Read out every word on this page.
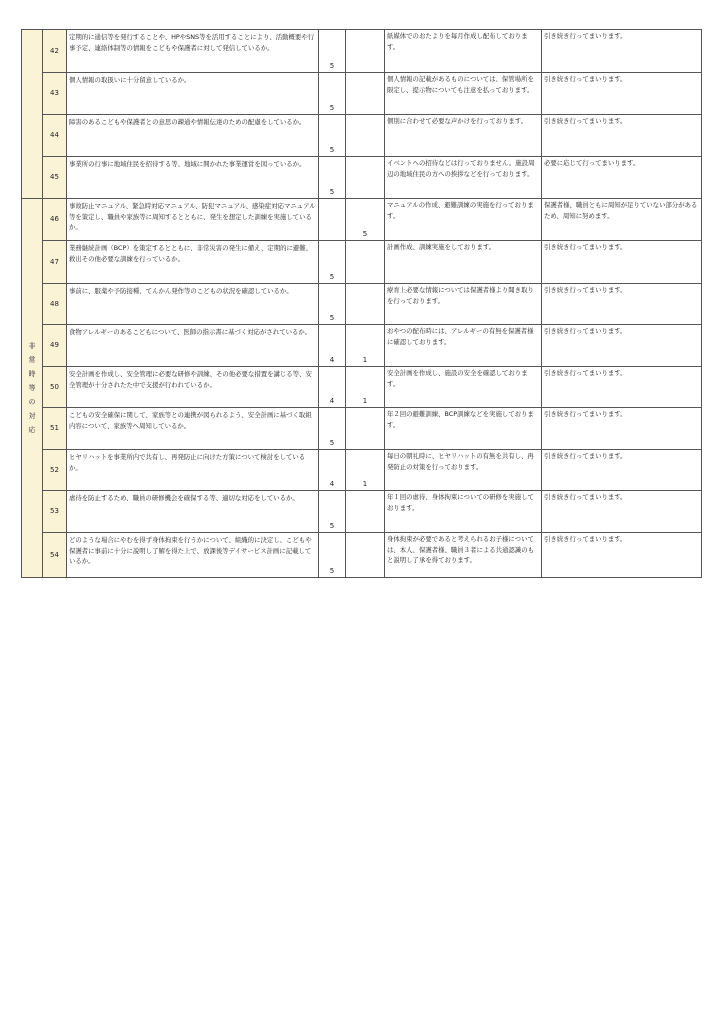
	42	定期的に通信等を発行することや、HPやSNS等を活用することにより、活動概要や行事予定、連絡体制等の情報をこどもや保護者に対して発信しているか。	5		紙媒体でのおたよりを毎月作成し配布しております。	引き続き行ってまいります。
	43	個人情報の取扱いに十分留意しているか。	5		個人情報の記載があるものについては、保管場所を限定し、提示物についても注意を払っております。	引き続き行ってまいります。
	44	障害のあるこどもや保護者との意思の疎通や情報伝達のための配慮をしているか。	5		個別に合わせて必要な声かけを行っております。	引き続き行ってまいります。
	45	事業所の行事に地域住民を招待する等、地域に開かれた事業運営を図っているか。	5		イベントへの招待などは行っておりません。施設周辺の地域住民の方への挨拶などを行っております。	必要に応じて行ってまいります。
非常時等の対応	46	事故防止マニュアル、緊急時対応マニュアル、防犯マニュアル、感染症対応マニュアル等を策定し、職員や家族等に周知するとともに、発生を想定した訓練を実施しているか。		5	マニュアルの作成、避難訓練の実施を行っております。	保護者様、職員ともに周知が足りていない部分があるため、周知に努めます。
	47	業務継続計画（BCP）を策定するとともに、非常災害の発生に備え、定期的に避難、救出その他必要な訓練を行っているか。	5		計画作成、訓練実施をしております。	引き続き行ってまいります。
	48	事前に、服薬や予防接種、てんかん発作等のこどもの状況を確認しているか。	5		療育上必要な情報については保護者様より聞き取りを行っております。	引き続き行ってまいります。
	49	食物アレルギーのあるこどもについて、医師の指示書に基づく対応がされているか。	4	1	おやつの配布時には、アレルギーの有無を保護者様に確認しております。	引き続き行ってまいります。
	50	安全計画を作成し、安全管理に必要な研修や訓練、その他必要な措置を講じる等、安全管理が十分されたた中で支援が行われているか。	4	1	安全計画を作成し、施設の安全を確認しております。	引き続き行ってまいります。
	51	こどもの安全確保に関して、家族等との連携が図られるよう、安全計画に基づく取組内容について、家族等へ周知しているか。	5		年２回の避難訓練、BCP訓練などを実施しております。	引き続き行ってまいります。
	52	ヒヤリハットを事業所内で共有し、再発防止に向けた方策について検討をしているか。	4	1	毎日の朝礼時に、ヒヤリハットの有無を共有し、再発防止の対策を行っております。	引き続き行ってまいります。
	53	虐待を防止するため、職員の研修機会を確保する等、適切な対応をしているか。	5		年１回の虐待、身体拘束についての研修を実施しております。	引き続き行ってまいります。
	54	どのような場合にやむを得ず身体拘束を行うかについて、組織的に決定し、こどもや保護者に事前に十分に説明し了解を得た上で、放課後等デイサービス計画に記載しているか。	5		身体拘束が必要であると考えられるお子様については、本人、保護者様、職員３者による共通認識のもと説明し了承を得ております。	引き続き行ってまいります。
